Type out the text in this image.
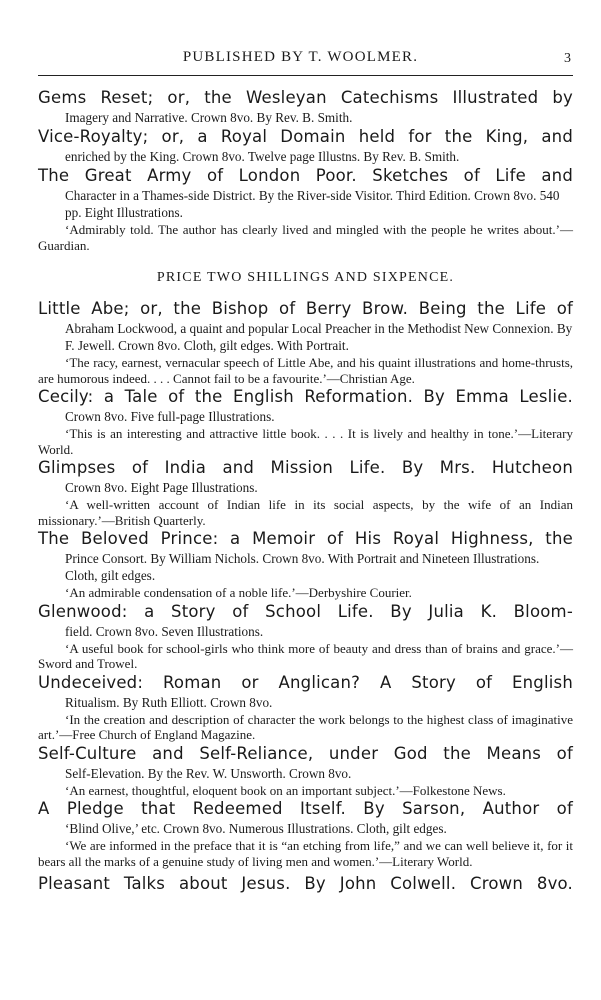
PUBLISHED BY T. WOOLMER.	3
Gems Reset; or, the Wesleyan Catechisms Illustrated by
Imagery and Narrative. Crown 8vo. By Rev. B. Smith.
Vice-Royalty; or, a Royal Domain held for the King, and
enriched by the King. Crown 8vo. Twelve page Illustns. By Rev. B. Smith.
The Great Army of London Poor. Sketches of Life and
Character in a Thames-side District. By the River-side Visitor. Third Edition. Crown 8vo. 540 pp. Eight Illustrations.
‘Admirably told. The author has clearly lived and mingled with the people he writes about.’—Guardian.
PRICE TWO SHILLINGS AND SIXPENCE.
Little Abe; or, the Bishop of Berry Brow. Being the Life of
Abraham Lockwood, a quaint and popular Local Preacher in the Methodist New Connexion. By F. Jewell. Crown 8vo. Cloth, gilt edges. With Portrait.
‘The racy, earnest, vernacular speech of Little Abe, and his quaint illustrations and home-thrusts, are humorous indeed. . . . Cannot fail to be a favourite.’—Christian Age.
Cecily: a Tale of the English Reformation. By Emma Leslie.
Crown 8vo. Five full-page Illustrations.
‘This is an interesting and attractive little book. . . . It is lively and healthy in tone.’—Literary World.
Glimpses of India and Mission Life. By Mrs. Hutcheon
Crown 8vo. Eight Page Illustrations.
‘A well-written account of Indian life in its social aspects, by the wife of an Indian missionary.’—British Quarterly.
The Beloved Prince: a Memoir of His Royal Highness, the
Prince Consort. By William Nichols. Crown 8vo. With Portrait and Nineteen Illustrations. Cloth, gilt edges.
‘An admirable condensation of a noble life.’—Derbyshire Courier.
Glenwood: a Story of School Life. By Julia K. Bloom-
field. Crown 8vo. Seven Illustrations.
‘A useful book for school-girls who think more of beauty and dress than of brains and grace.’—Sword and Trowel.
Undeceived: Roman or Anglican? A Story of English
Ritualism. By Ruth Elliott. Crown 8vo.
‘In the creation and description of character the work belongs to the highest class of imaginative art.’—Free Church of England Magazine.
Self-Culture and Self-Reliance, under God the Means of
Self-Elevation. By the Rev. W. Unsworth. Crown 8vo.
‘An earnest, thoughtful, eloquent book on an important subject.’—Folkestone News.
A Pledge that Redeemed Itself. By Sarson, Author of
‘Blind Olive,’ etc. Crown 8vo. Numerous Illustrations. Cloth, gilt edges.
‘We are informed in the preface that it is “an etching from life,” and we can well believe it, for it bears all the marks of a genuine study of living men and women.’—Literary World.
Pleasant Talks about Jesus. By John Colwell. Crown 8vo.
